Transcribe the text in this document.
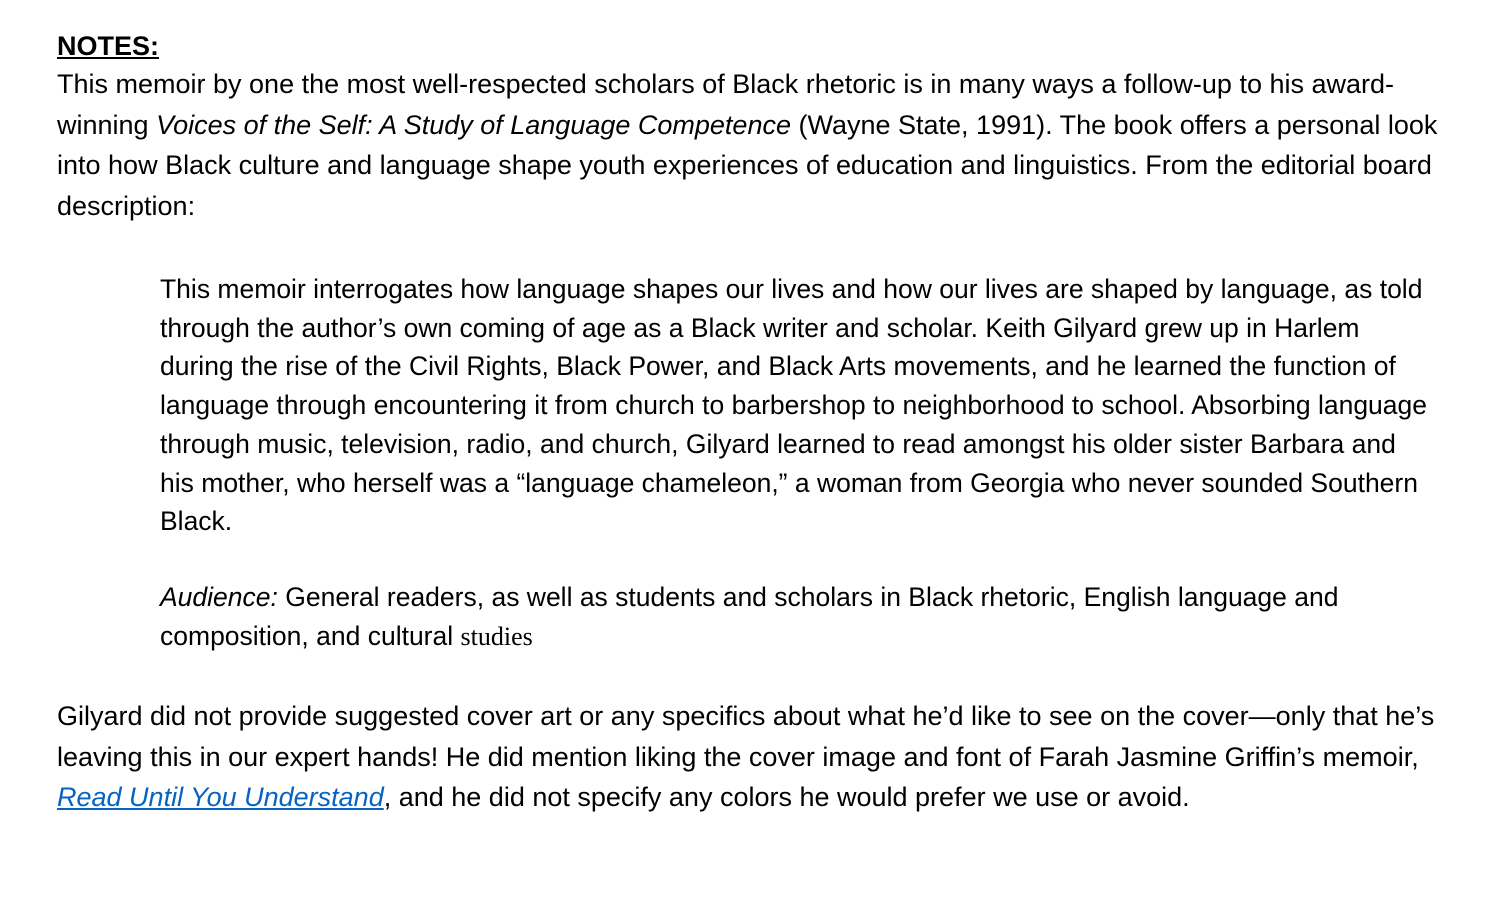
NOTES:

This memoir by one the most well-respected scholars of Black rhetoric is in many ways a follow-up to his award-winning Voices of the Self: A Study of Language Competence (Wayne State, 1991). The book offers a personal look into how Black culture and language shape youth experiences of education and linguistics. From the editorial board description:

This memoir interrogates how language shapes our lives and how our lives are shaped by language, as told through the author’s own coming of age as a Black writer and scholar. Keith Gilyard grew up in Harlem during the rise of the Civil Rights, Black Power, and Black Arts movements, and he learned the function of language through encountering it from church to barbershop to neighborhood to school. Absorbing language through music, television, radio, and church, Gilyard learned to read amongst his older sister Barbara and his mother, who herself was a “language chameleon,” a woman from Georgia who never sounded Southern Black.

Audience: General readers, as well as students and scholars in Black rhetoric, English language and composition, and cultural studies

Gilyard did not provide suggested cover art or any specifics about what he’d like to see on the cover—only that he’s leaving this in our expert hands! He did mention liking the cover image and font of Farah Jasmine Griffin’s memoir, Read Until You Understand, and he did not specify any colors he would prefer we use or avoid.
